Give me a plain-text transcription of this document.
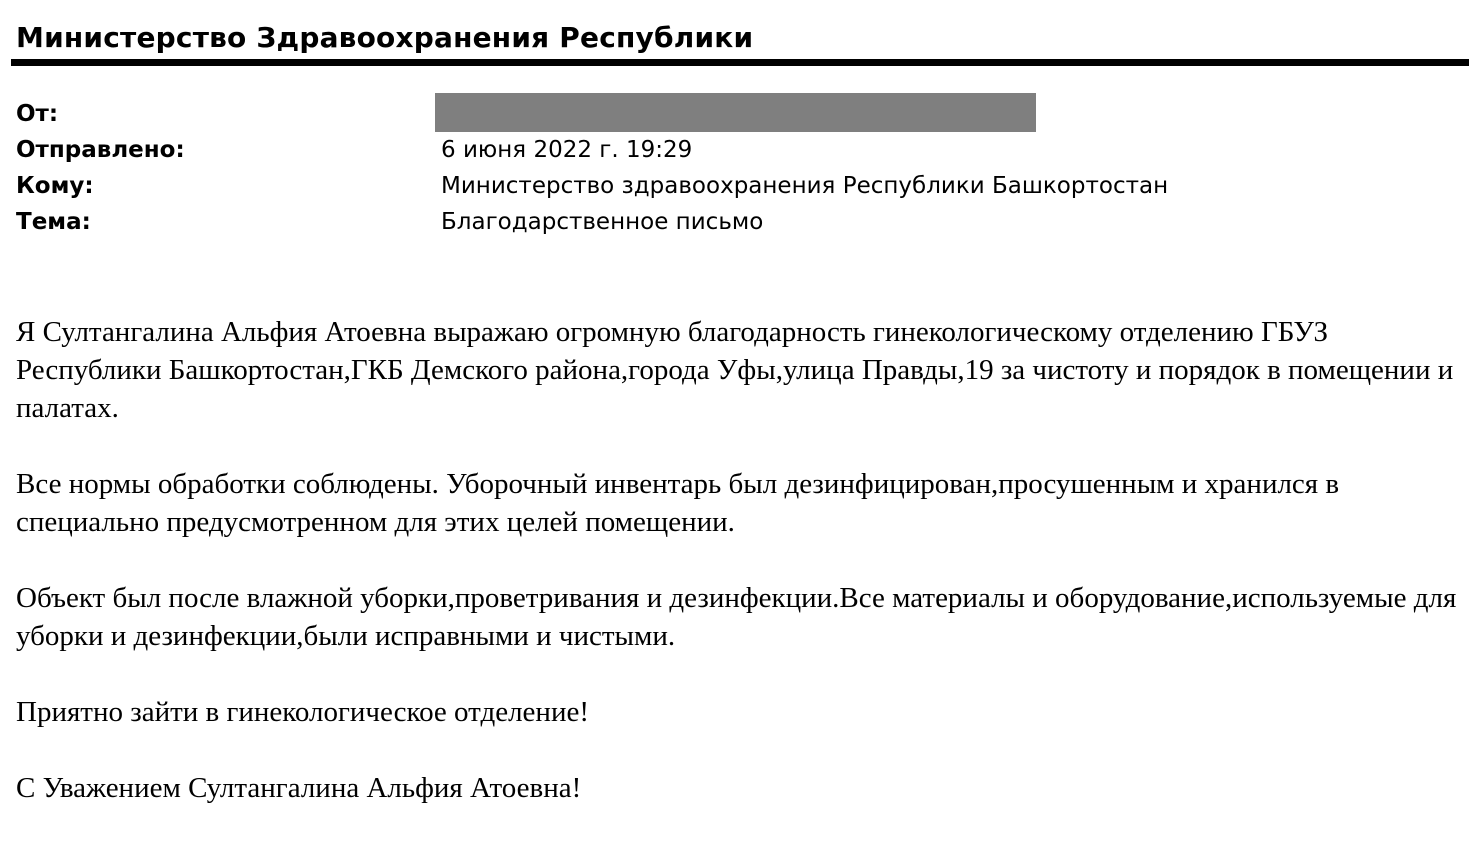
Министерство Здравоохранения Республики
От:
Отправлено:	6 июня 2022 г. 19:29
Кому:	Министерство здравоохранения Республики Башкортостан
Тема:	Благодарственное письмо

Я Султангалина Альфия Атоевна выражаю огромную благодарность гинекологическому отделению ГБУЗ Республики Башкортостан,ГКБ Демского района,города Уфы,улица Правды,19 за чистоту и порядок в помещении и палатах.

Все нормы обработки соблюдены. Уборочный инвентарь был дезинфицирован,просушенным и хранился в специально предусмотренном для этих целей помещении.

Объект был после влажной уборки,проветривания и дезинфекции.Все материалы и оборудование,используемые для уборки и дезинфекции,были исправными и чистыми.

Приятно зайти в гинекологическое отделение!

С Уважением Султангалина Альфия Атоевна!
